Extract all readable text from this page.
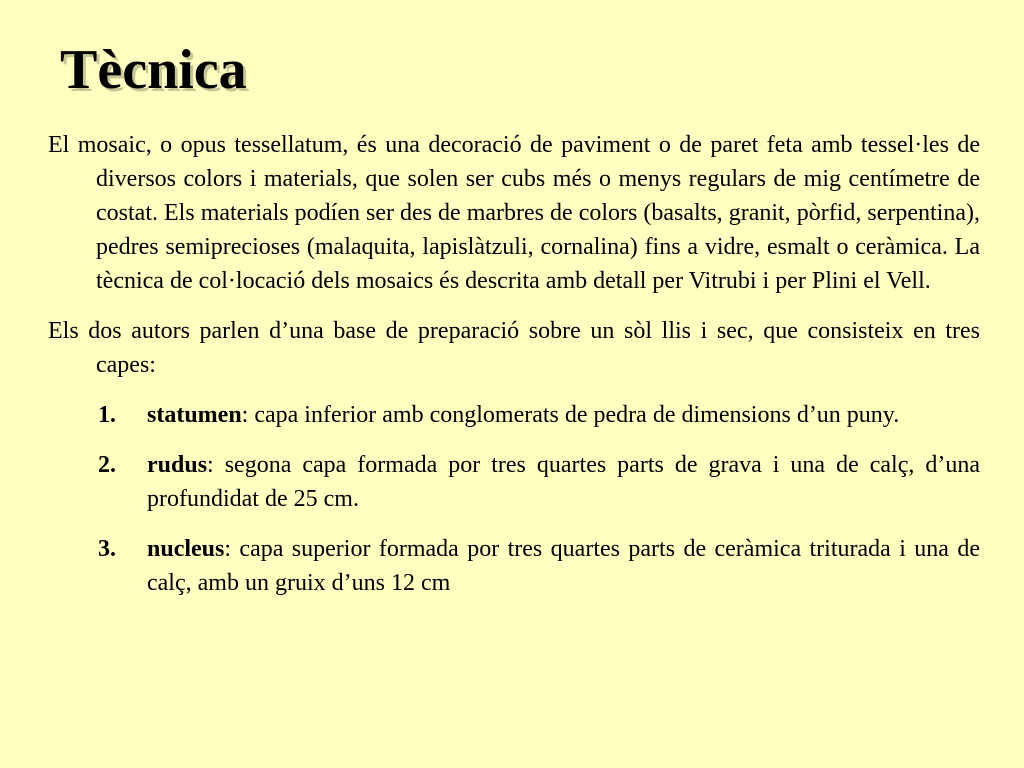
Tècnica

El mosaic, o opus tessellatum, és una decoració de paviment o de paret feta amb tessel·les de diversos colors i materials, que solen ser cubs més o menys regulars de mig centímetre de costat. Els materials podíen ser des de marbres de colors (basalts, granit, pòrfid, serpentina), pedres semiprecioses (malaquita, lapislàtzuli, cornalina) fins a vidre, esmalt o ceràmica. La tècnica de col·locació dels mosaics és descrita amb detall per Vitrubi i per Plini el Vell.

Els dos autors parlen d’una base de preparació sobre un sòl llis i sec, que consisteix en tres capes:

1. statumen: capa inferior amb conglomerats de pedra de dimensions d’un puny.
2. rudus: segona capa formada por tres quartes parts de grava i una de calç, d’una profundidat de 25 cm.
3. nucleus: capa superior formada por tres quartes parts de ceràmica triturada i una de calç, amb un gruix d’uns 12 cm
